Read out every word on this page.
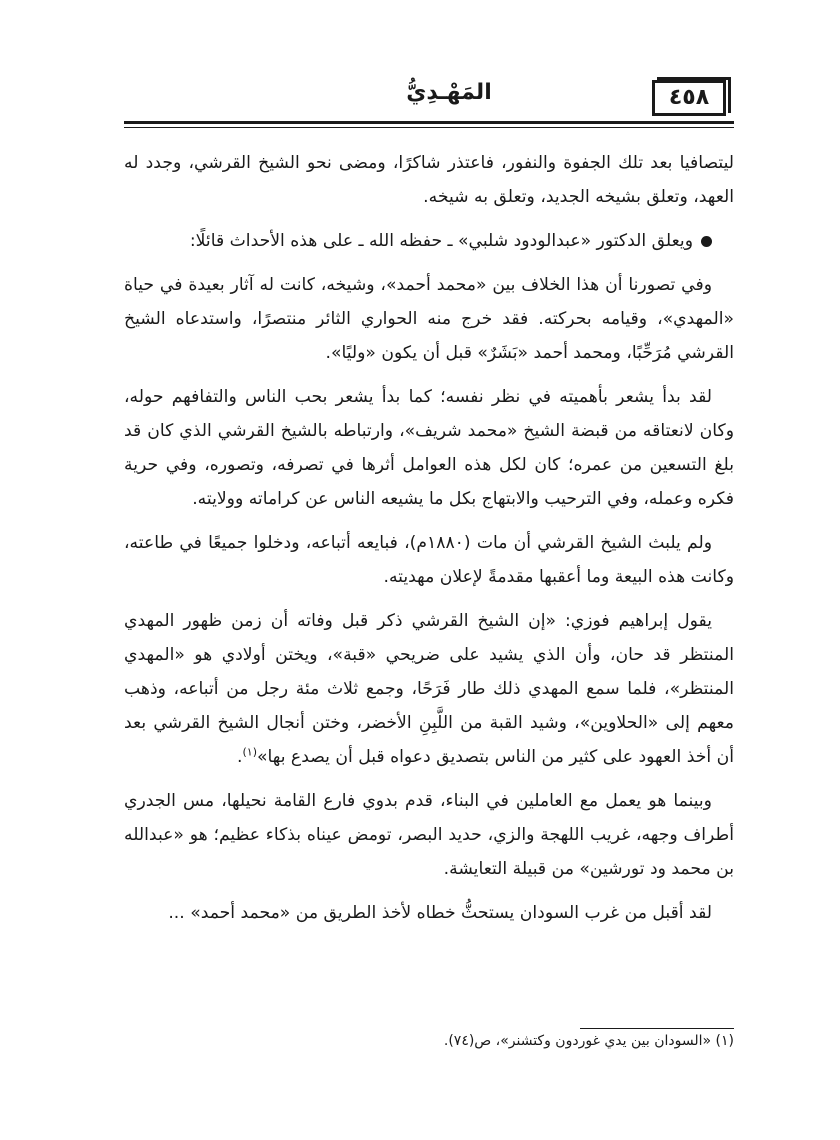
٤٥٨
المَهْـدِيُّ

ليتصافيا بعد تلك الجفوة والنفور، فاعتذر شاكرًا، ومضى نحو الشيخ القرشي، وجدد له العهد، وتعلق بشيخه الجديد، وتعلق به شيخه.

ويعلق الدكتور «عبدالودود شلبي» ـ حفظه الله ـ على هذه الأحداث قائلًا:

وفي تصورنا أن هذا الخلاف بين «محمد أحمد»، وشيخه، كانت له آثار بعيدة في حياة «المهدي»، وقيامه بحركته. فقد خرج منه الحواري الثائر منتصرًا، واستدعاه الشيخ القرشي مُرَحِّبًا، ومحمد أحمد «بَشَرٌ» قبل أن يكون «وليًا».

لقد بدأ يشعر بأهميته في نظر نفسه؛ كما بدأ يشعر بحب الناس والتفافهم حوله، وكان لانعتاقه من قبضة الشيخ «محمد شريف»، وارتباطه بالشيخ القرشي الذي كان قد بلغ التسعين من عمره؛ كان لكل هذه العوامل أثرها في تصرفه، وتصوره، وفي حرية فكره وعمله، وفي الترحيب والابتهاج بكل ما يشيعه الناس عن كراماته وولايته.

ولم يلبث الشيخ القرشي أن مات (١٨٨٠م)، فبايعه أتباعه، ودخلوا جميعًا في طاعته، وكانت هذه البيعة وما أعقبها مقدمةً لإعلان مهديته.

يقول إبراهيم فوزي: «إن الشيخ القرشي ذكر قبل وفاته أن زمن ظهور المهدي المنتظر قد حان، وأن الذي يشيد على ضريحي «قبة»، ويختن أولادي هو «المهدي المنتظر»، فلما سمع المهدي ذلك طار فَرَحًا، وجمع ثلاث مئة رجل من أتباعه، وذهب معهم إلى «الحلاوين»، وشيد القبة من اللَّبِنِ الأخضر، وختن أنجال الشيخ القرشي بعد أن أخذ العهود على كثير من الناس بتصديق دعواه قبل أن يصدع بها»$^{(١)}$.

وبينما هو يعمل مع العاملين في البناء، قدم بدوي فارع القامة نحيلها، مس الجدري أطراف وجهه، غريب اللهجة والزي، حديد البصر، تومض عيناه بذكاء عظيم؛ هو «عبدالله بن محمد ود تورشين» من قبيلة التعايشة.

لقد أقبل من غرب السودان يستحثُّ خطاه لأخذ الطريق من «محمد أحمد» ...

(١) «السودان بين يدي غوردون وكتشنر»، ص(٧٤).
